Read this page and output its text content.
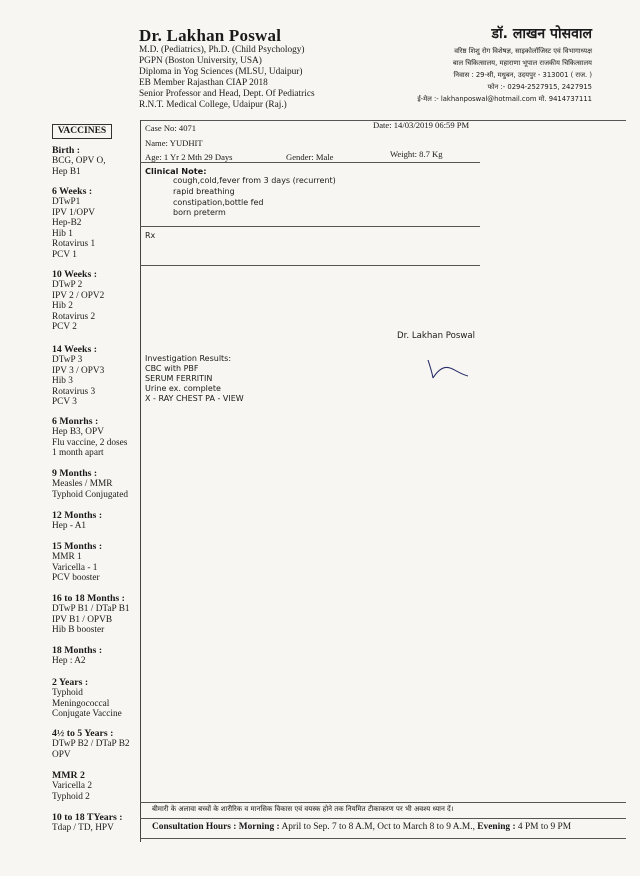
Dr. Lakhan Poswal
M.D. (Pediatrics), Ph.D. (Child Psychology)
PGPN (Boston University, USA)
Diploma in Yog Sciences (MLSU, Udaipur)
EB Member Rajasthan CIAP 2018
Senior Professor and Head, Dept. Of Pediatrics
R.N.T. Medical College, Udaipur (Raj.)
डॉ. लाखन पोसवाल
वरिष्ठ शिशु रोग विशेषज्ञ, साइकोलॉजिस्ट एवं विभागाध्यक्ष
बाल चिकित्सालय, महाराणा भूपाल राजकीय चिकित्सालय
निवास : 29-सी, मधुबन, उदयपुर - 313001 ( राज. )
फोन :- 0294-2527915, 2427915
ई-मेल :- lakhanposwal@hotmail.com मो. 9414737111
VACCINES
Birth :
BCG, OPV O,
Hep B1
6 Weeks :
DTwP1
IPV 1/OPV
Hep-B2
Hib 1
Rotavirus 1
PCV 1
10 Weeks :
DTwP 2
IPV 2 / OPV2
Hib 2
Rotavirus 2
PCV 2
14 Weeks :
DTwP 3
IPV 3 / OPV3
Hib 3
Rotavirus 3
PCV 3
6 Monrhs :
Hep B3, OPV
Flu vaccine, 2 doses
1 month apart
9 Months :
Measles / MMR
Typhoid Conjugated
12 Months :
Hep - A1
15 Months :
MMR 1
Varicella - 1
PCV booster
16 to 18 Months :
DTwP B1 / DTaP B1
IPV B1 / OPVB
Hib B booster
18 Months :
Hep : A2
2 Years :
Typhoid
Meningococcal
Conjugate Vaccine
4½ to 5 Years :
DTwP B2 / DTaP B2
OPV
MMR 2
Varicella 2
Typhoid 2
10 to 18 TYears :
Tdap / TD, HPV
Case No: 4071	Date: 14/03/2019 06:59 PM
Name: YUDHIT
Age: 1 Yr 2 Mth 29 Days	Gender: Male	Weight: 8.7 Kg
Clinical Note:
cough,cold,fever from 3 days (recurrent)
rapid breathing
constipation,bottle fed
born preterm
Rx
Dr. Lakhan Poswal
Investigation Results:
CBC with PBF
SERUM FERRITIN
Urine ex. complete
X - RAY CHEST PA - VIEW
बीमारी के अलावा बच्चों के शारीरिक व मानसिक विकास एवं वयस्क होने तक नियमित टीकाकरण पर भी अवश्य ध्यान दें।
Consultation Hours : Morning : April to Sep. 7 to 8 A.M, Oct to March 8 to 9 A.M., Evening : 4 PM to 9 PM
